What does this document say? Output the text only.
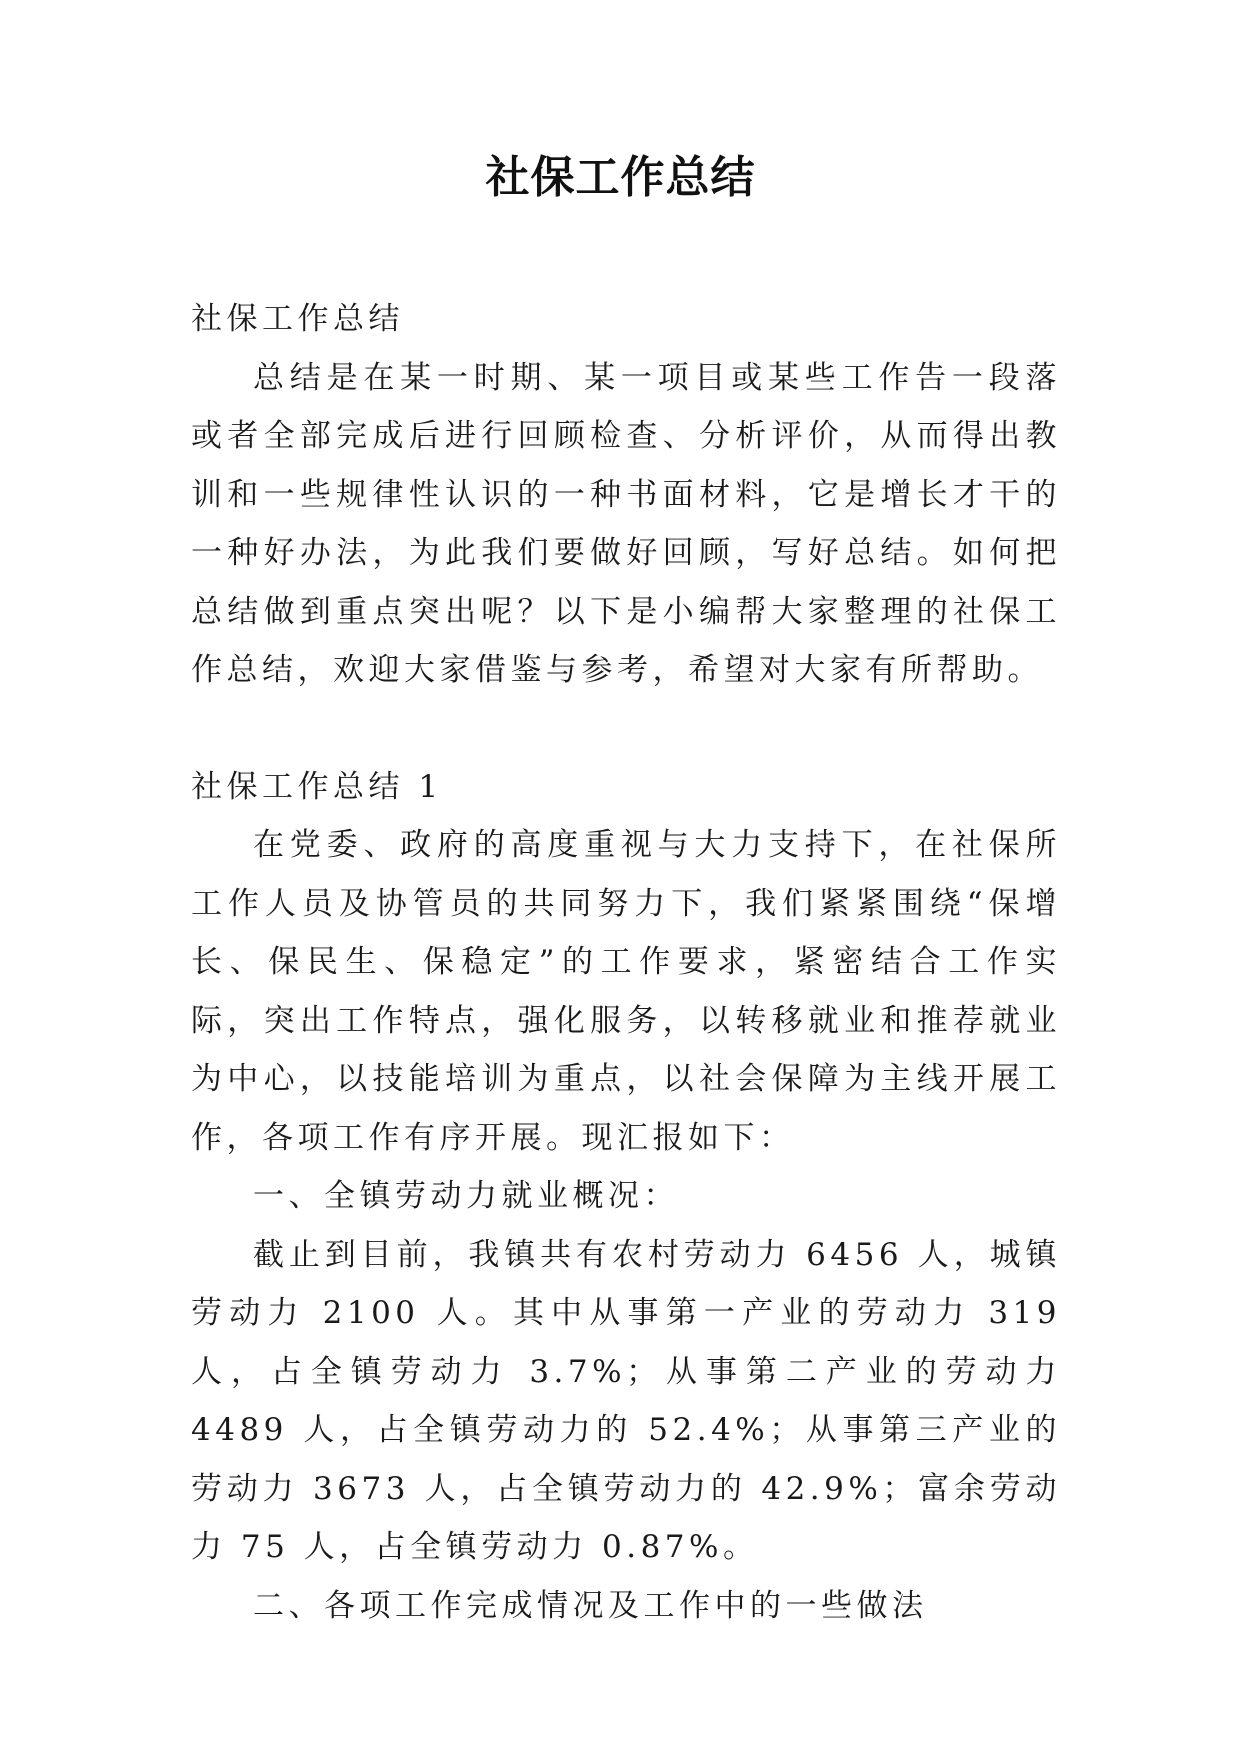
社保工作总结

社保工作总结

总结是在某一时期、某一项目或某些工作告一段落或者全部完成后进行回顾检查、分析评价，从而得出教训和一些规律性认识的一种书面材料，它是增长才干的一种好办法，为此我们要做好回顾，写好总结。如何把总结做到重点突出呢？以下是小编帮大家整理的社保工作总结，欢迎大家借鉴与参考，希望对大家有所帮助。

社保工作总结 1

在党委、政府的高度重视与大力支持下，在社保所工作人员及协管员的共同努力下，我们紧紧围绕“保增长、保民生、保稳定”的工作要求，紧密结合工作实际，突出工作特点，强化服务，以转移就业和推荐就业为中心，以技能培训为重点，以社会保障为主线开展工作，各项工作有序开展。现汇报如下：

一、全镇劳动力就业概况：

截止到目前，我镇共有农村劳动力 6456 人，城镇劳动力 2100 人。其中从事第一产业的劳动力 319 人，占全镇劳动力 3.7%；从事第二产业的劳动力 4489 人，占全镇劳动力的 52.4%；从事第三产业的劳动力 3673 人，占全镇劳动力的 42.9%；富余劳动力 75 人，占全镇劳动力 0.87%。

二、各项工作完成情况及工作中的一些做法
